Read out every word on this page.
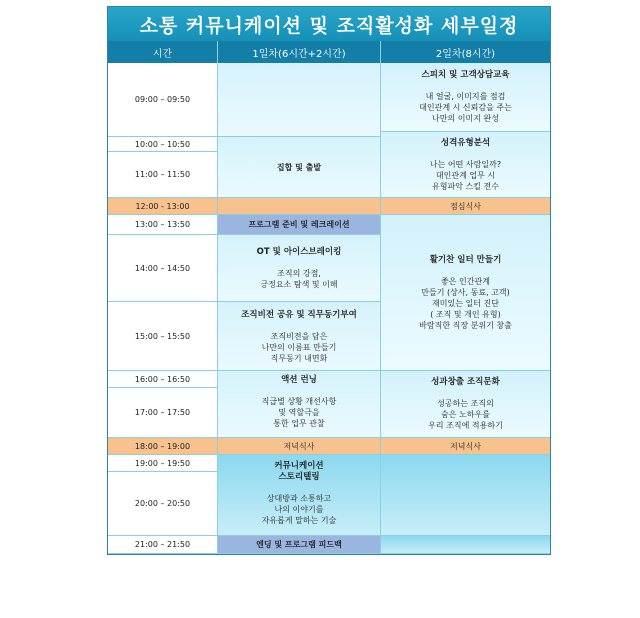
소통 커뮤니케이션 및 조직활성화 세부일정
시간	1일차(6시간+2시간)	2일차(8시간)
09:00 – 09:50
10:00 – 10:50
11:00 – 11:50
12:00 - 13:00
13:00 – 13:50
14:00 – 14:50
15:00 – 15:50
16:00 – 16:50
17:00 – 17:50
18:00 – 19:00
19:00 – 19:50
20:00 – 20:50
21:00 – 21:50
집합 및 출발
프로그램 준비 및 레크레이션
OT 및 아이스브레이킹
조직의 강점,
긍정요소 탐색 및 이해
조직비전 공유 및 직무동기부여
조직비전을 담은
나만의 이름표 만들기
직무동기 내면화
액션 런닝
직급별 상황 개선사항
및 역할극을
통한 업무 관찰
저녁식사
커뮤니케이션
스토리텔링
상대방과 소통하고
나의 이야기를
자유롭게 말하는 기술
엔딩 및 프로그램 피드백
스피치 및 고객상담교육
내 얼굴, 이미지를 점검
대인관계 시 신뢰감을 주는
나만의 이미지 완성
성격유형분석
나는 어떤 사람일까?
대인관계 업무 시
유형파악 스킬 전수
점심식사
활기찬 일터 만들기
좋은 인간관계
만들기 (상사, 동료, 고객)
재미있는 일터 진단
( 조직 및 개인 유형)
바람직한 직장 분위기 창출
성과창출 조직문화
성공하는 조직의
숨은 노하우를
우리 조직에 적용하기
저녁식사
